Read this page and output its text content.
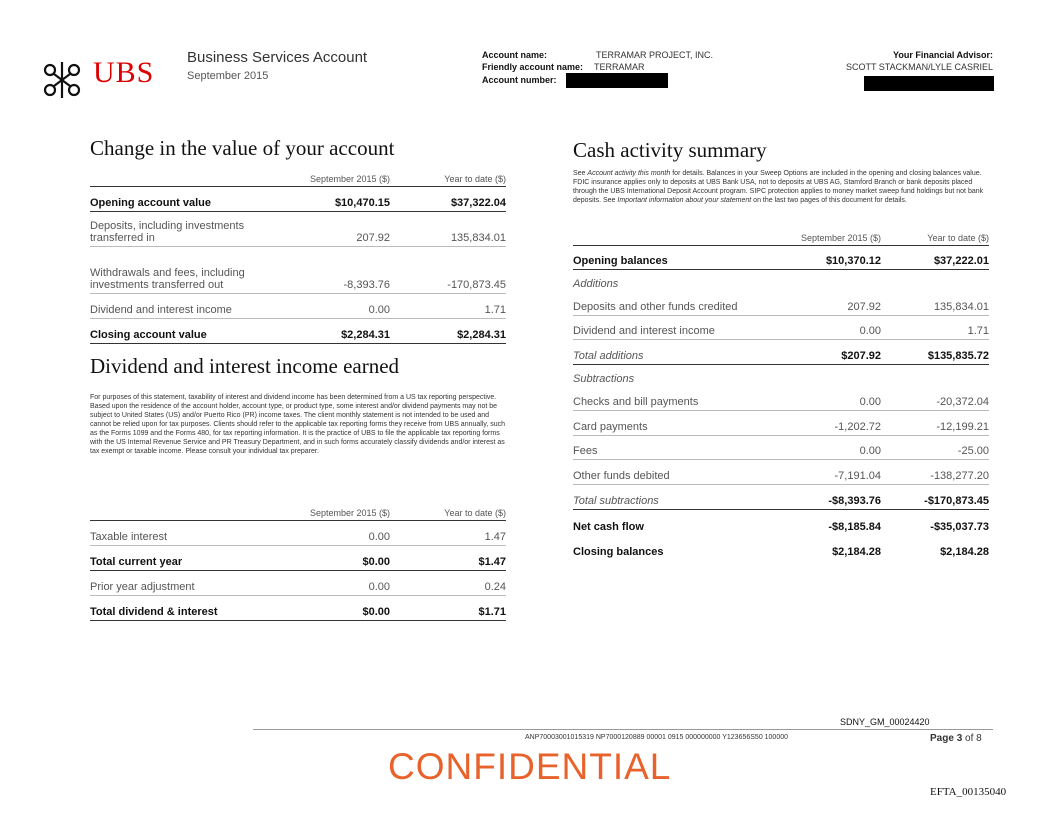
UBS Business Services Account
September 2015
Account name:	TERRAMAR PROJECT, INC.
Friendly account name: TERRAMAR
Account number:
Your Financial Advisor:
SCOTT STACKMAN/LYLE CASRIEL
Change in the value of your account
	September 2015 ($)	Year to date ($)
Opening account value	$10,470.15	$37,322.04
Deposits, including investments transferred in	207.92	135,834.01
Withdrawals and fees, including investments transferred out	-8,393.76	-170,873.45
Dividend and interest income	0.00	1.71
Closing account value	$2,284.31	$2,284.31
Dividend and interest income earned
For purposes of this statement, taxability of interest and dividend income has been determined from a US tax reporting perspective. Based upon the residence of the account holder, account type, or product type, some interest and/or dividend payments may not be subject to United States (US) and/or Puerto Rico (PR) income taxes. The client monthly statement is not intended to be used and cannot be relied upon for tax purposes. Clients should refer to the applicable tax reporting forms they receive from UBS annually, such as the Forms 1099 and the Forms 480, for tax reporting information. It is the practice of UBS to file the applicable tax reporting forms with the US Internal Revenue Service and PR Treasury Department, and in such forms accurately classify dividends and/or interest as tax exempt or taxable income. Please consult your individual tax preparer.
	September 2015 ($)	Year to date ($)
Taxable interest	0.00	1.47
Total current year	$0.00	$1.47
Prior year adjustment	0.00	0.24
Total dividend & interest	$0.00	$1.71
Cash activity summary
See Account activity this month for details. Balances in your Sweep Options are included in the opening and closing balances value. FDIC insurance applies only to deposits at UBS Bank USA, not to deposits at UBS AG, Stamford Branch or bank deposits placed through the UBS International Deposit Account program. SIPC protection applies to money market sweep fund holdings but not bank deposits. See Important information about your statement on the last two pages of this document for details.
	September 2015 ($)	Year to date ($)
Opening balances	$10,370.12	$37,222.01
Additions		
Deposits and other funds credited	207.92	135,834.01
Dividend and interest income	0.00	1.71
Total additions	$207.92	$135,835.72
Subtractions		
Checks and bill payments	0.00	-20,372.04
Card payments	-1,202.72	-12,199.21
Fees	0.00	-25.00
Other funds debited	-7,191.04	-138,277.20
Total subtractions	-$8,393.76	-$170,873.45
Net cash flow	-$8,185.84	-$35,037.73
Closing balances	$2,184.28	$2,184.28
SDNY_GM_00024420
ANP70003001015319 NP7000120889 00001 0915 000000000 Y123656S50 100000	Page 3 of 8
CONFIDENTIAL
EFTA_00135040
